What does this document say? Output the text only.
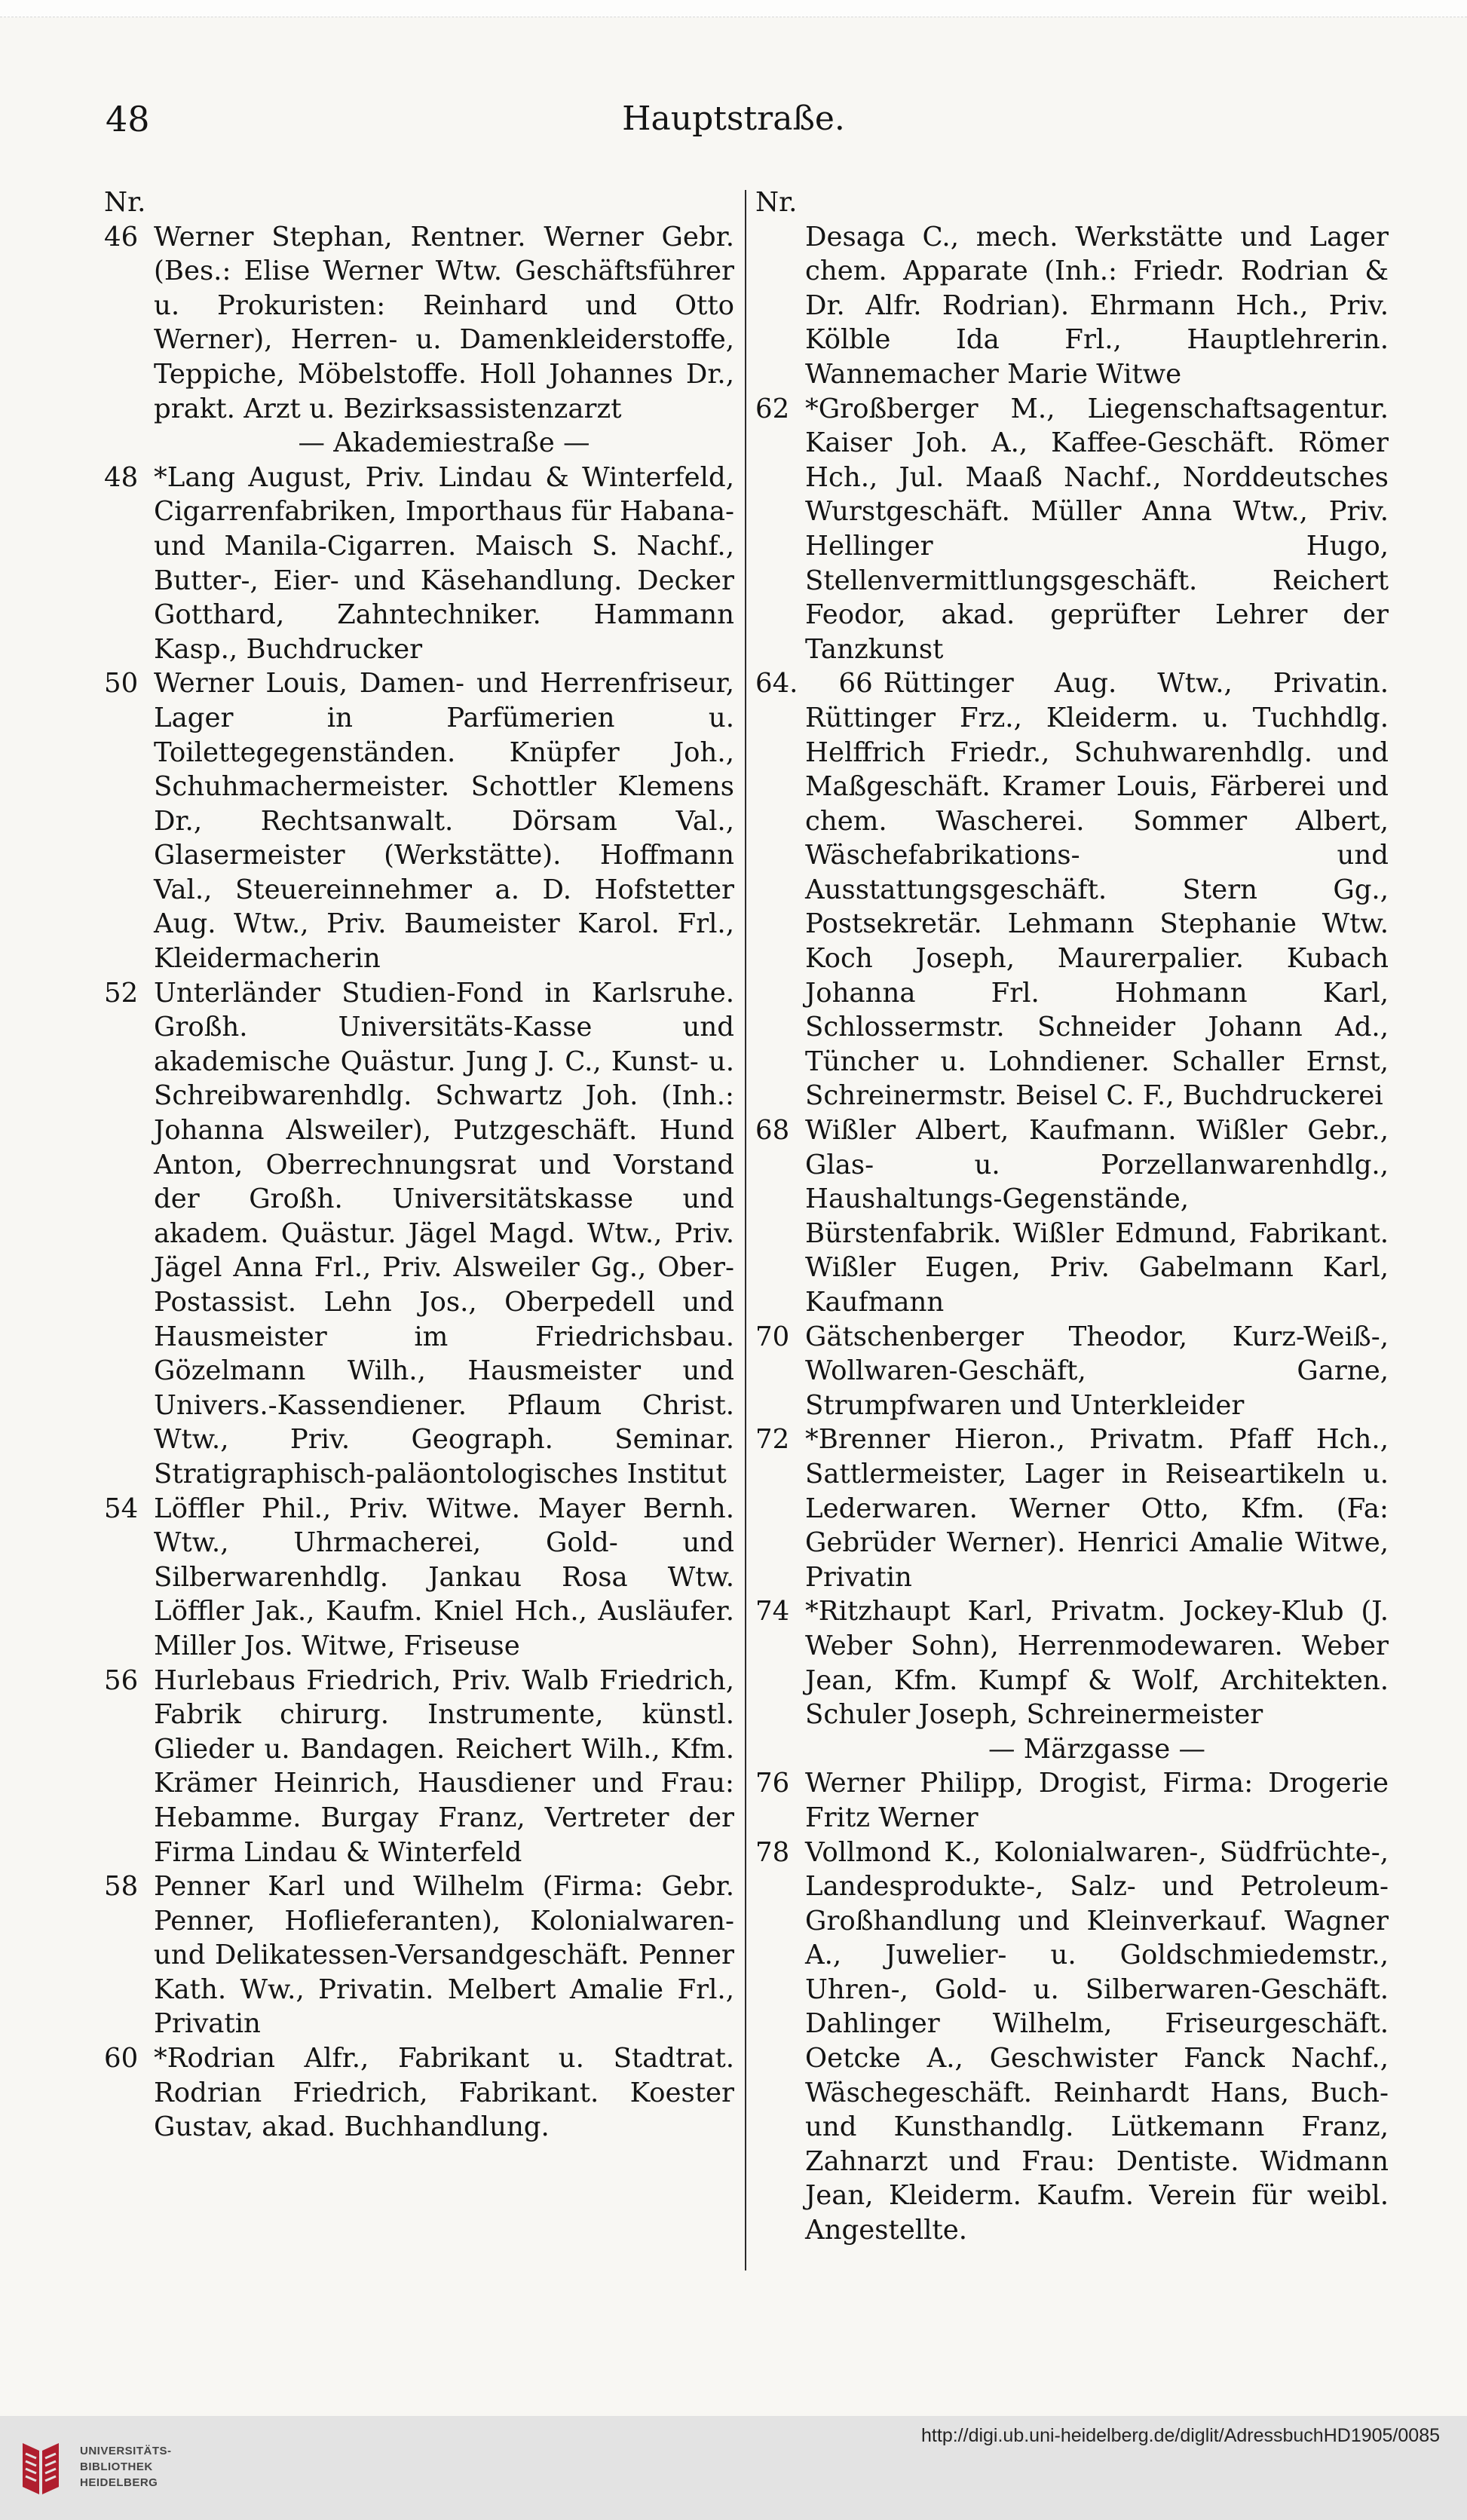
48	Hauptstraße.

Nr.

46 Werner Stephan, Rentner. Werner Gebr. (Bes.: Elise Werner Wtw. Geschäftsführer u. Prokuristen: Reinhard und Otto Werner), Herren- u. Damenkleiderstoffe, Teppiche, Möbelstoffe. Holl Johannes Dr., prakt. Arzt u. Bezirksassistenzarzt

— Akademiestraße —

48 *Lang August, Priv. Lindau & Winterfeld, Cigarrenfabriken, Importhaus für Habana- und Manila-Cigarren. Maisch S. Nachf., Butter-, Eier- und Käsehandlung. Decker Gotthard, Zahntechniker. Hammann Kasp., Buchdrucker

50 Werner Louis, Damen- und Herrenfriseur, Lager in Parfümerien u. Toilettegegenständen. Knüpfer Joh., Schuhmachermeister. Schottler Klemens Dr., Rechtsanwalt. Dörsam Val., Glasermeister (Werkstätte). Hoffmann Val., Steuereinnehmer a. D. Hofstetter Aug. Wtw., Priv. Baumeister Karol. Frl., Kleidermacherin

52 Unterländer Studien-Fond in Karlsruhe. Großh. Universitäts-Kasse und akademische Quästur. Jung J. C., Kunst- u. Schreibwarenhdlg. Schwartz Joh. (Inh.: Johanna Alsweiler), Putzgeschäft. Hund Anton, Oberrechnungsrat und Vorstand der Großh. Universitätskasse und akadem. Quästur. Jägel Magd. Wtw., Priv. Jägel Anna Frl., Priv. Alsweiler Gg., Ober-Postassist. Lehn Jos., Oberpedell und Hausmeister im Friedrichsbau. Gözelmann Wilh., Hausmeister und Univers.-Kassendiener. Pflaum Christ. Wtw., Priv. Geograph. Seminar. Stratigraphisch-paläontologisches Institut

54 Löffler Phil., Priv. Witwe. Mayer Bernh. Wtw., Uhrmacherei, Gold- und Silberwarenhdlg. Jankau Rosa Wtw. Löffler Jak., Kaufm. Kniel Hch., Ausläufer. Miller Jos. Witwe, Friseuse

56 Hurlebaus Friedrich, Priv. Walb Friedrich, Fabrik chirurg. Instrumente, künstl. Glieder u. Bandagen. Reichert Wilh., Kfm. Krämer Heinrich, Hausdiener und Frau: Hebamme. Burgay Franz, Vertreter der Firma Lindau & Winterfeld

58 Penner Karl und Wilhelm (Firma: Gebr. Penner, Hoflieferanten), Kolonialwaren- und Delikatessen-Versandgeschäft. Penner Kath. Ww., Privatin. Melbert Amalie Frl., Privatin

60 *Rodrian Alfr., Fabrikant u. Stadtrat. Rodrian Friedrich, Fabrikant. Koester Gustav, akad. Buchhandlung.

Nr.

Desaga C., mech. Werkstätte und Lager chem. Apparate (Inh.: Friedr. Rodrian & Dr. Alfr. Rodrian). Ehrmann Hch., Priv. Kölble Ida Frl., Hauptlehrerin. Wannemacher Marie Witwe

62 *Großberger M., Liegenschaftsagentur. Kaiser Joh. A., Kaffee-Geschäft. Römer Hch., Jul. Maaß Nachf., Norddeutsches Wurstgeschäft. Müller Anna Wtw., Priv. Hellinger Hugo, Stellenvermittlungsgeschäft. Reichert Feodor, akad. geprüfter Lehrer der Tanzkunst

64. 66 Rüttinger Aug. Wtw., Privatin. Rüttinger Frz., Kleiderm. u. Tuchhdlg. Helffrich Friedr., Schuhwarenhdlg. und Maßgeschäft. Kramer Louis, Färberei und chem. Wascherei. Sommer Albert, Wäschefabrikations- und Ausstattungsgeschäft. Stern Gg., Postsekretär. Lehmann Stephanie Wtw. Koch Joseph, Maurerpalier. Kubach Johanna Frl. Hohmann Karl, Schlossermstr. Schneider Johann Ad., Tüncher u. Lohndiener. Schaller Ernst, Schreinermstr. Beisel C. F., Buchdruckerei

68 Wißler Albert, Kaufmann. Wißler Gebr., Glas- u. Porzellanwarenhdlg., Haushaltungs-Gegenstände, Bürstenfabrik. Wißler Edmund, Fabrikant. Wißler Eugen, Priv. Gabelmann Karl, Kaufmann

70 Gätschenberger Theodor, Kurz-Weiß-, Wollwaren-Geschäft, Garne, Strumpfwaren und Unterkleider

72 *Brenner Hieron., Privatm. Pfaff Hch., Sattlermeister, Lager in Reiseartikeln u. Lederwaren. Werner Otto, Kfm. (Fa: Gebrüder Werner). Henrici Amalie Witwe, Privatin

74 *Ritzhaupt Karl, Privatm. Jockey-Klub (J. Weber Sohn), Herrenmodewaren. Weber Jean, Kfm. Kumpf & Wolf, Architekten. Schuler Joseph, Schreinermeister

— Märzgasse —

76 Werner Philipp, Drogist, Firma: Drogerie Fritz Werner

78 Vollmond K., Kolonialwaren-, Südfrüchte-, Landesprodukte-, Salz- und Petroleum-Großhandlung und Kleinverkauf. Wagner A., Juwelier- u. Goldschmiedemstr., Uhren-, Gold- u. Silberwaren-Geschäft. Dahlinger Wilhelm, Friseurgeschäft. Oetcke A., Geschwister Fanck Nachf., Wäschegeschäft. Reinhardt Hans, Buch- und Kunsthandlg. Lütkemann Franz, Zahnarzt und Frau: Dentiste. Widmann Jean, Kleiderm. Kaufm. Verein für weibl. Angestellte.

UNIVERSITÄTS-
BIBLIOTHEK
HEIDELBERG
http://digi.ub.uni-heidelberg.de/diglit/AdressbuchHD1905/0085
